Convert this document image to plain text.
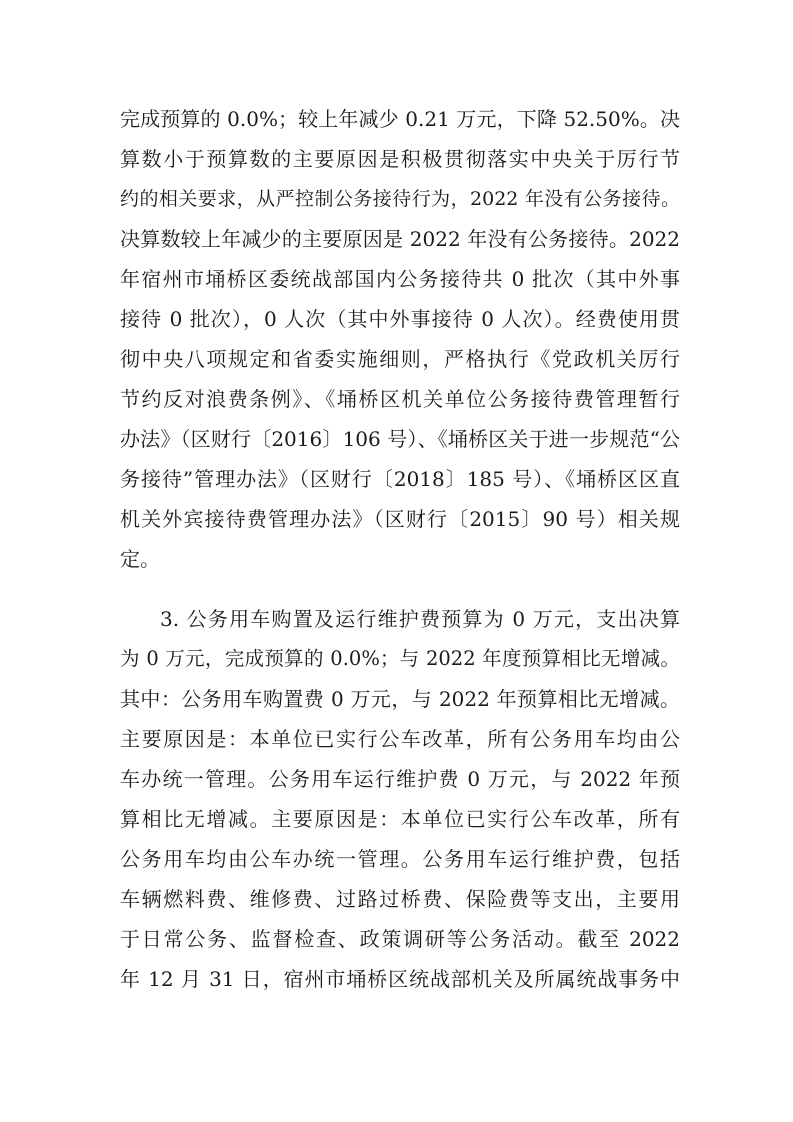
完成预算的 0.0%；较上年减少 0.21 万元，下降 52.50%。决

算数小于预算数的主要原因是积极贯彻落实中央关于厉行节

约的相关要求，从严控制公务接待行为，2022 年没有公务接待。

决算数较上年减少的主要原因是 2022 年没有公务接待。2022

年宿州市埇桥区委统战部国内公务接待共 0 批次（其中外事

接待 0 批次），0 人次（其中外事接待 0 人次）。经费使用贯

彻中央八项规定和省委实施细则，严格执行《党政机关厉行

节约反对浪费条例》、《埇桥区机关单位公务接待费管理暂行

办法》（区财行〔2016〕106 号）、《埇桥区关于进一步规范“公

务接待”管理办法》（区财行〔2018〕185 号）、《埇桥区区直

机关外宾接待费管理办法》（区财行〔2015〕90 号）相关规

定。

3. 公务用车购置及运行维护费预算为 0 万元，支出决算

为 0 万元，完成预算的 0.0%；与 2022 年度预算相比无增减。

其中：公务用车购置费 0 万元，与 2022 年预算相比无增减。

主要原因是：本单位已实行公车改革，所有公务用车均由公

车办统一管理。公务用车运行维护费 0 万元，与 2022 年预

算相比无增减。主要原因是：本单位已实行公车改革，所有

公务用车均由公车办统一管理。公务用车运行维护费，包括

车辆燃料费、维修费、过路过桥费、保险费等支出，主要用

于日常公务、监督检查、政策调研等公务活动。截至 2022

年 12 月 31 日，宿州市埇桥区统战部机关及所属统战事务中
